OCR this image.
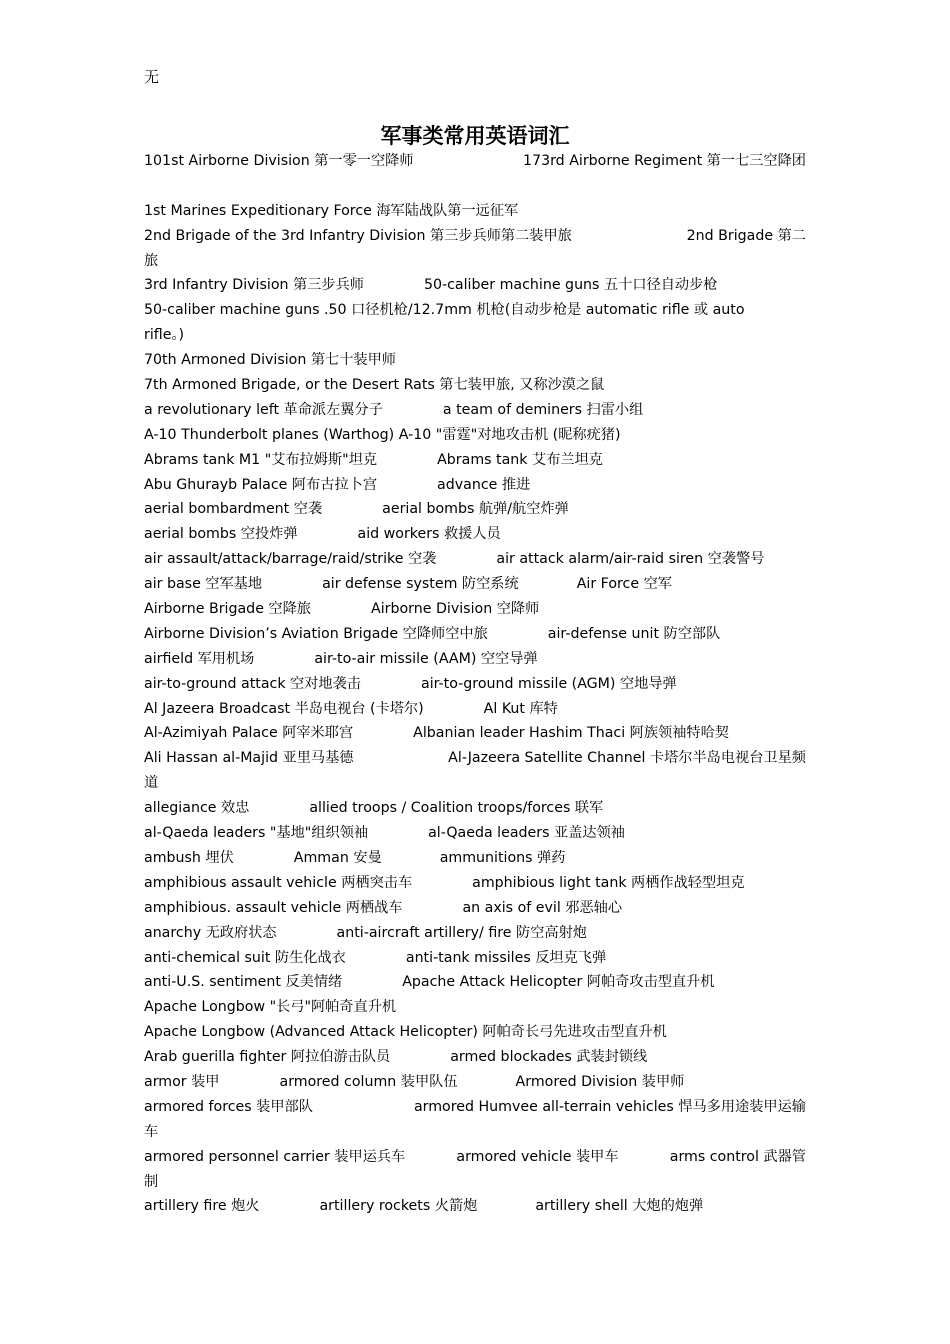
无
军事类常用英语词汇
101st Airborne Division 第一零一空降师	173rd Airborne Regiment 第一七三空降团
1st Marines Expeditionary Force 海军陆战队第一远征军
2nd Brigade of the 3rd Infantry Division 第三步兵师第二装甲旅	2nd Brigade 第二
旅
3rd Infantry Division 第三步兵师	50-caliber machine guns 五十口径自动步枪
50-caliber machine guns .50 口径机枪/12.7mm 机枪(自动步枪是 automatic rifle 或 auto
rifle。)
70th Armoned Division 第七十装甲师
7th Armoned Brigade, or the Desert Rats 第七装甲旅, 又称沙漠之鼠
a revolutionary left 革命派左翼分子	a team of deminers 扫雷小组
A-10 Thunderbolt planes (Warthog) A-10 "雷霆"对地攻击机 (昵称疣猪)
Abrams tank M1 "艾布拉姆斯"坦克	Abrams tank 艾布兰坦克
Abu Ghurayb Palace 阿布古拉卜宫	advance 推进
aerial bombardment 空袭	aerial bombs 航弹/航空炸弹
aerial bombs 空投炸弹	aid workers 救援人员
air assault/attack/barrage/raid/strike 空袭	air attack alarm/air-raid siren 空袭警号
air base 空军基地	air defense system 防空系统	Air Force 空军
Airborne Brigade 空降旅	Airborne Division 空降师
Airborne Division’s Aviation Brigade 空降师空中旅	air-defense unit 防空部队
airfield 军用机场	air-to-air missile (AAM) 空空导弹
air-to-ground attack 空对地袭击	air-to-ground missile (AGM) 空地导弹
Al Jazeera Broadcast 半岛电视台 (卡塔尔)	Al Kut 库特
Al-Azimiyah Palace 阿宰米耶宫	Albanian leader Hashim Thaci 阿族领袖特哈契
Ali Hassan al-Majid 亚里马基德	Al-Jazeera Satellite Channel 卡塔尔半岛电视台卫星频
道
allegiance 效忠	allied troops / Coalition troops/forces 联军
al-Qaeda leaders "基地"组织领袖	al-Qaeda leaders 亚盖达领袖
ambush 埋伏	Amman 安曼	ammunitions 弹药
amphibious assault vehicle 两栖突击车	amphibious light tank 两栖作战轻型坦克
amphibious. assault vehicle 两栖战车	an axis of evil 邪恶轴心
anarchy 无政府状态	anti-aircraft artillery/ fire 防空高射炮
anti-chemical suit 防生化战衣	anti-tank missiles 反坦克飞弹
anti-U.S. sentiment 反美情绪	Apache Attack Helicopter 阿帕奇攻击型直升机
Apache Longbow "长弓"阿帕奇直升机
Apache Longbow (Advanced Attack Helicopter) 阿帕奇长弓先进攻击型直升机
Arab guerilla fighter 阿拉伯游击队员	armed blockades 武装封锁线
armor 装甲	armored column 装甲队伍	Armored Division 装甲师
armored forces 装甲部队	armored Humvee all-terrain vehicles 悍马多用途装甲运输
车
armored personnel carrier 装甲运兵车	armored vehicle 装甲车	arms control 武器管
制
artillery fire 炮火	artillery rockets 火箭炮	artillery shell 大炮的炮弹
